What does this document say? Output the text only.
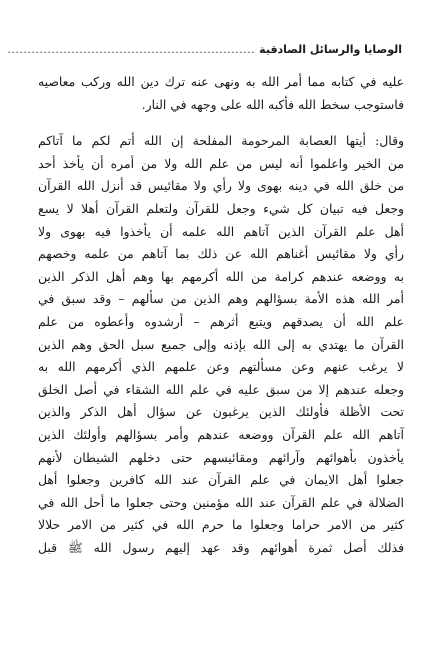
الوصايا والرسائل الصادقية
..............................................................
عليه في كتابه مما أمر الله به ونهى عنه ترك دين الله وركب معاصيه
فاستوجب سخط الله فأكبه الله على وجهه في النار.
وقال: أيتها العصابة المرحومة المفلحة إن الله أتم لكم ما آتاكم
من الخير واعلموا أنه ليس من علم الله ولا من أمره أن يأخذ أحد
من خلق الله في دينه بهوى ولا رأي ولا مقائيس قد أنزل الله القرآن
وجعل فيه تبيان كل شيء وجعل للقرآن ولتعلم القرآن أهلا لا يسع
أهل علم القرآن الذين آتاهم الله علمه أن يأخذوا فيه بهوى ولا
رأي ولا مقائيس أغناهم الله عن ذلك بما آتاهم من علمه وخصهم
به ووضعه عندهم كرامة من الله أكرمهم بها وهم أهل الذكر الذين
أمر الله هذه الأمة بسؤالهم وهم الذين من سألهم – وقد سبق في
علم الله أن يصدقهم ويتبع أثرهم – أرشدوه وأعطوه من علم
القرآن ما يهتدي به إلى الله بإذنه وإلى جميع سبل الحق وهم الذين
لا يرغب عنهم وعن مسألتهم وعن علمهم الذي أكرمهم الله به
وجعله عندهم إلا من سبق عليه في علم الله الشقاء في أصل الخلق
تحت الأظلة فأولئك الذين يرغبون عن سؤال أهل الذكر والذين
آتاهم الله علم القرآن ووضعه عندهم وأمر بسؤالهم وأولئك الذين
يأخذون بأهوائهم وآرائهم ومقائيسهم حتى دخلهم الشيطان لأنهم
جعلوا أهل الايمان في علم القرآن عند الله كافرين وجعلوا أهل
الضلالة في علم القرآن عند الله مؤمنين وحتى جعلوا ما أحل الله في
كثير من الامر حراما وجعلوا ما حرم الله في كثير من الامر حلالا
فذلك أصل ثمرة أهوائهم وقد عهد إليهم رسول الله ﷺ قبل
